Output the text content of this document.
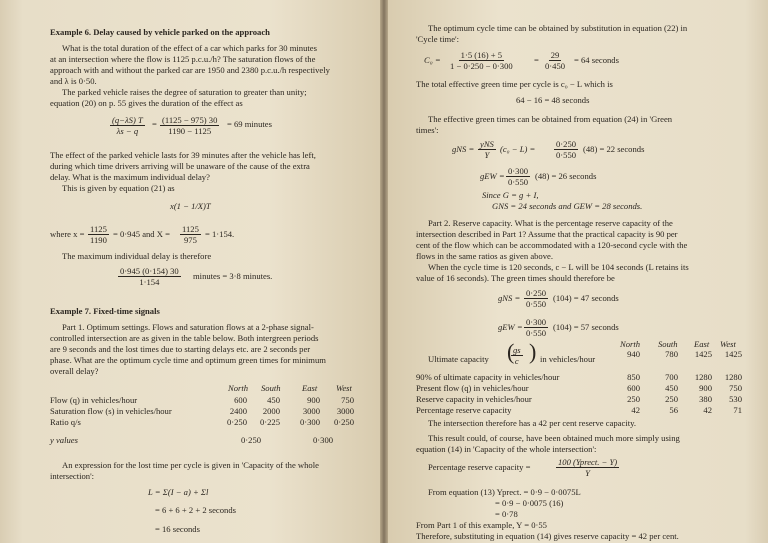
Example 6. Delay caused by vehicle parked on the approach
What is the total duration of the effect of a car which parks for 30 minutes
at an intersection where the flow is 1125 p.c.u./h? The saturation flows of the
approach with and without the parked car are 1950 and 2380 p.c.u./h respectively
and λ is 0·50.
The parked vehicle raises the degree of saturation to greater than unity;
equation (20) on p. 55 gives the duration of the effect as
$\frac{(q-\lambda S) T}{\lambda s - q} = \frac{(1125 - 975) 30}{1190 - 1125} = 69$ minutes
The effect of the parked vehicle lasts for 39 minutes after the vehicle has left,
during which time drivers arriving will be unaware of the cause of the extra
delay. What is the maximum individual delay?
This is given by equation (21) as
x(1 − 1/X)T
where $x = \frac{1125}{1190} = 0\cdot 945$ and $X = \frac{1125}{975} = 1\cdot 154$.
The maximum individual delay is therefore
$\frac{0\cdot 945 (0\cdot 154) 30}{1\cdot 154}$ minutes = 3·8 minutes.
Example 7. Fixed-time signals
Part 1. Optimum settings. Flows and saturation flows at a 2-phase signal-
controlled intersection are as given in the table below. Both intergreen periods
are 9 seconds and the lost times due to starting delays etc. are 2 seconds per
phase. What are the optimum cycle time and optimum green times for minimum
overall delay?
North South East West
Flow (q) in vehicles/hour	600	450	900	750
Saturation flow (s) in vehicles/hour	2400	2000	3000	3000
Ratio q/s	0·250	0·225	0·300	0·250
y values	0·250	0·300
An expression for the lost time per cycle is given in 'Capacity of the whole
intersection':
L = Σ(I − a) + Σl
= 6 + 6 + 2 + 2 seconds
= 16 seconds
The optimum cycle time can be obtained by substitution in equation (22) in
'Cycle time':
$C_0 = \frac{1\cdot 5 (16) + 5}{1 - 0\cdot 250 - 0\cdot 300} = \frac{29}{0\cdot 450} = 64$ seconds
The total effective green time per cycle is c₀ − L which is
64 − 16 = 48 seconds
The effective green times can be obtained from equation (24) in 'Green
times':
gNS = yNS
Y
$(c_0 - L) = \frac{0\cdot 250}{0\cdot 550} (48) = 22$ seconds
gEW = $\frac{0\cdot 300}{0\cdot 550} (48) = 26$ seconds
Since G = g + I,
GNS = 24 seconds and GEW = 28 seconds.
Part 2. Reserve capacity. What is the percentage reserve capacity of the
intersection described in Part 1? Assume that the practical capacity is 90 per
cent of the flow which can be accommodated with a 120-second cycle with the
flows in the same ratios as given above.
When the cycle time is 120 seconds, c − L will be 104 seconds (L retains its
value of 16 seconds). The green times should therefore be
gNS = $\frac{0\cdot 250}{0\cdot 550} (104) = 47$ seconds
gEW = $\frac{0\cdot 300}{0\cdot 550} (104) = 57$ seconds
North South East West
Ultimate capacity (
$\frac{gs}{c}$ ) in vehicles/hour	940	780	1425	1425
90% of ultimate capacity in vehicles/hour	850	700	1280	1280
Present flow (q) in vehicles/hour	600	450	900	750
Reserve capacity in vehicles/hour	250	250	380	530
Percentage reserve capacity	42	56	42	71
The intersection therefore has a 42 per cent reserve capacity.
This result could, of course, have been obtained much more simply using
equation (14) in 'Capacity of the whole intersection':
Percentage reserve capacity =	100 (Yprect. − Y)
Y
From equation (13) Yprect. = 0·9 − 0·0075L
= 0·9 − 0·0075 (16)
= 0·78
From Part 1 of this example, Y = 0·55
Therefore, substituting in equation (14) gives reserve capacity = 42 per cent.
